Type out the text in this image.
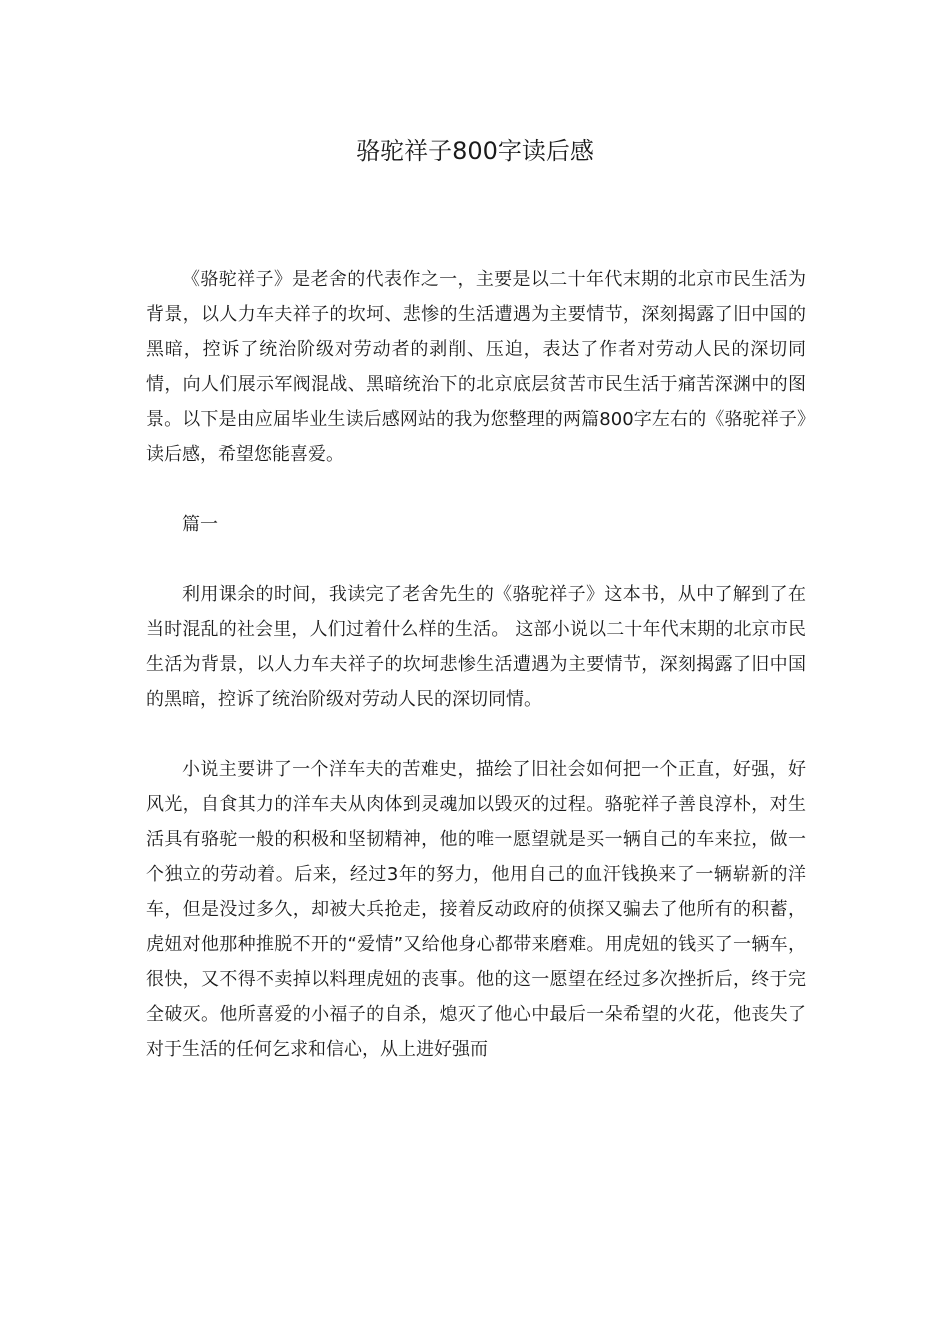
骆驼祥子800字读后感

《骆驼祥子》是老舍的代表作之一，主要是以二十年代末期的北京市民生活为背景，以人力车夫祥子的坎坷、悲惨的生活遭遇为主要情节，深刻揭露了旧中国的黑暗，控诉了统治阶级对劳动者的剥削、压迫，表达了作者对劳动人民的深切同情，向人们展示军阀混战、黑暗统治下的北京底层贫苦市民生活于痛苦深渊中的图景。以下是由应届毕业生读后感网站的我为您整理的两篇800字左右的《骆驼祥子》读后感，希望您能喜爱。

篇一

利用课余的时间，我读完了老舍先生的《骆驼祥子》这本书，从中了解到了在当时混乱的社会里，人们过着什么样的生活。 这部小说以二十年代末期的北京市民生活为背景，以人力车夫祥子的坎坷悲惨生活遭遇为主要情节，深刻揭露了旧中国的黑暗，控诉了统治阶级对劳动人民的深切同情。

小说主要讲了一个洋车夫的苦难史，描绘了旧社会如何把一个正直，好强，好风光，自食其力的洋车夫从肉体到灵魂加以毁灭的过程。骆驼祥子善良淳朴，对生活具有骆驼一般的积极和坚韧精神，他的唯一愿望就是买一辆自己的车来拉，做一个独立的劳动着。后来，经过3年的努力，他用自己的血汗钱换来了一辆崭新的洋车，但是没过多久，却被大兵抢走，接着反动政府的侦探又骗去了他所有的积蓄，虎妞对他那种推脱不开的“爱情”又给他身心都带来磨难。用虎妞的钱买了一辆车，很快，又不得不卖掉以料理虎妞的丧事。他的这一愿望在经过多次挫折后，终于完全破灭。他所喜爱的小福子的自杀，熄灭了他心中最后一朵希望的火花，他丧失了对于生活的任何乞求和信心，从上进好强而
